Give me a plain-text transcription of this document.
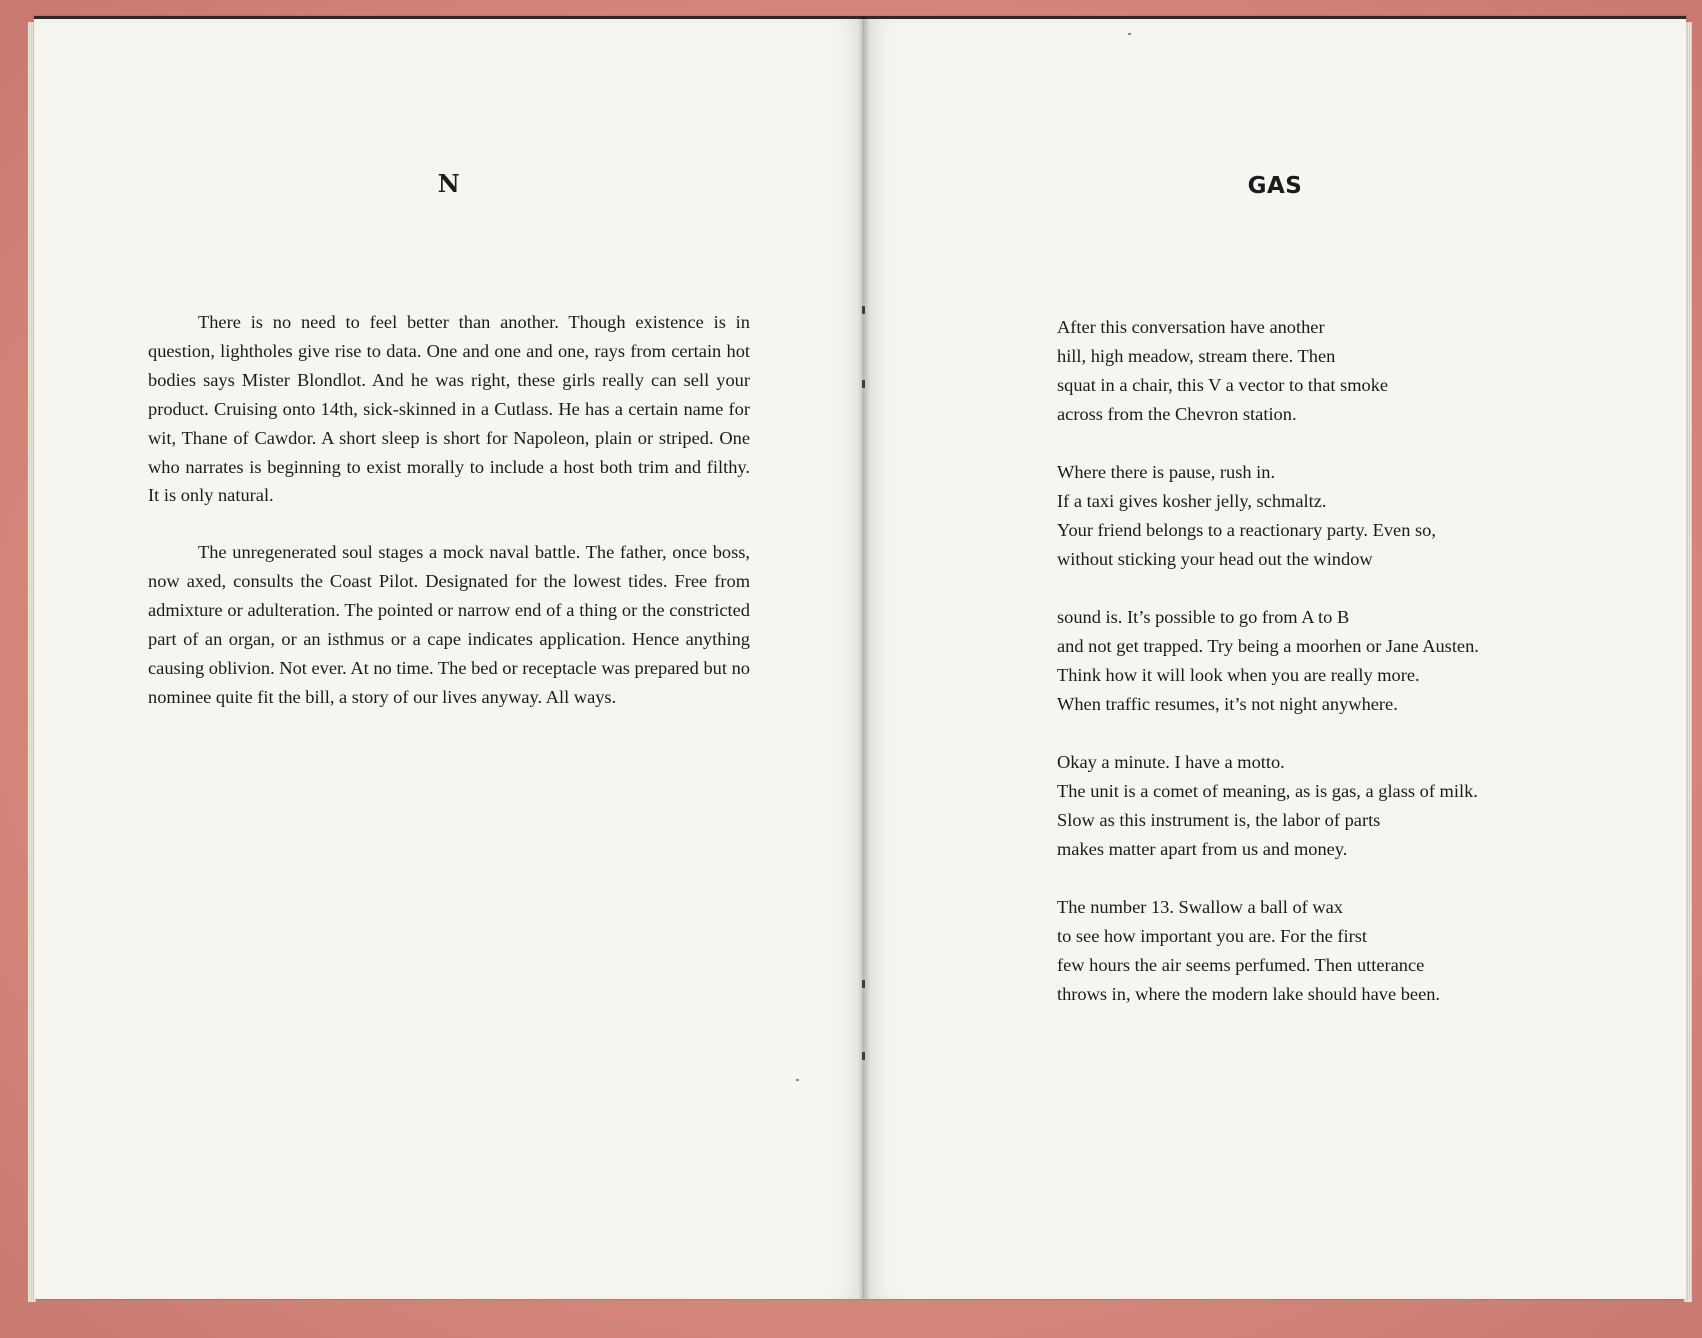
N

There is no need to feel better than another. Though existence is in question, lightholes give rise to data. One and one and one, rays from certain hot bodies says Mister Blondlot. And he was right, these girls really can sell your product. Cruising onto 14th, sick-skinned in a Cutlass. He has a certain name for wit, Thane of Cawdor. A short sleep is short for Napoleon, plain or striped. One who narrates is beginning to exist morally to include a host both trim and filthy. It is only natural.

The unregenerated soul stages a mock naval battle. The father, once boss, now axed, consults the Coast Pilot. Designated for the lowest tides. Free from admixture or adulteration. The pointed or narrow end of a thing or the constricted part of an organ, or an isthmus or a cape indicates application. Hence anything causing oblivion. Not ever. At no time. The bed or receptacle was prepared but no nominee quite fit the bill, a story of our lives anyway. All ways.

GAS
After this conversation have another
hill, high meadow, stream there. Then
squat in a chair, this V a vector to that smoke
across from the Chevron station.
Where there is pause, rush in.
If a taxi gives kosher jelly, schmaltz.
Your friend belongs to a reactionary party. Even so,
without sticking your head out the window
sound is. It’s possible to go from A to B
and not get trapped. Try being a moorhen or Jane Austen.
Think how it will look when you are really more.
When traffic resumes, it’s not night anywhere.
Okay a minute. I have a motto.
The unit is a comet of meaning, as is gas, a glass of milk.
Slow as this instrument is, the labor of parts
makes matter apart from us and money.
The number 13. Swallow a ball of wax
to see how important you are. For the first
few hours the air seems perfumed. Then utterance
throws in, where the modern lake should have been.
